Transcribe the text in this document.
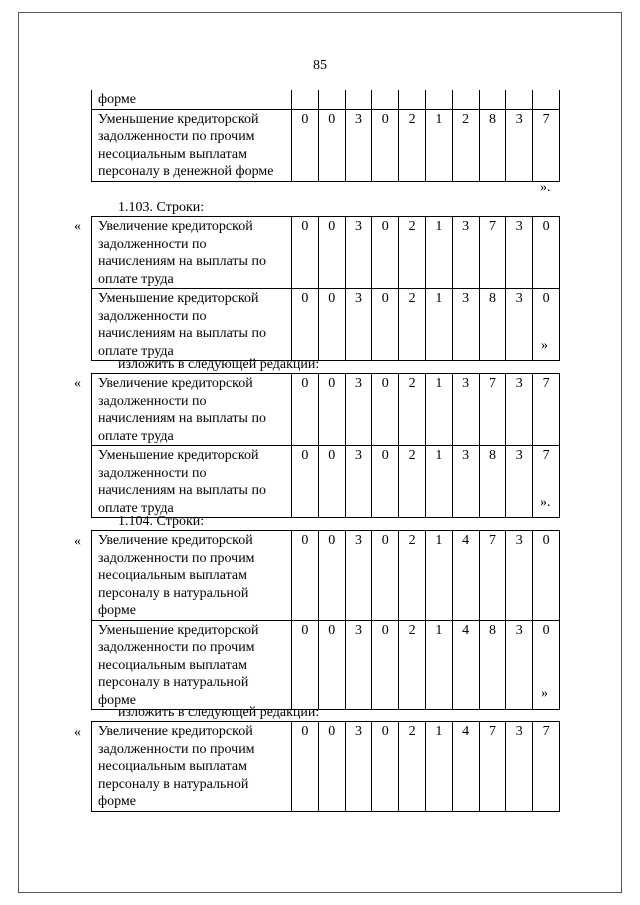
85
форме										
Уменьшение кредиторской задолженности по прочим несоциальным выплатам персоналу в денежной форме	0	0	3	0	2	1	2	8	3	7
».
1.103. Строки:
« Увеличение кредиторской задолженности по начислениям на выплаты по оплате труда	0	0	3	0	2	1	3	7	3	0
Уменьшение кредиторской задолженности по начислениям на выплаты по оплате труда	0	0	3	0	2	1	3	8	3	0
»
изложить в следующей редакции:
« Увеличение кредиторской задолженности по начислениям на выплаты по оплате труда	0	0	3	0	2	1	3	7	3	7
Уменьшение кредиторской задолженности по начислениям на выплаты по оплате труда	0	0	3	0	2	1	3	8	3	7
».
1.104. Строки:
« Увеличение кредиторской задолженности по прочим несоциальным выплатам персоналу в натуральной форме	0	0	3	0	2	1	4	7	3	0
Уменьшение кредиторской задолженности по прочим несоциальным выплатам персоналу в натуральной форме	0	0	3	0	2	1	4	8	3	0
»
изложить в следующей редакции:
« Увеличение кредиторской задолженности по прочим несоциальным выплатам персоналу в натуральной форме	0	0	3	0	2	1	4	7	3	7
